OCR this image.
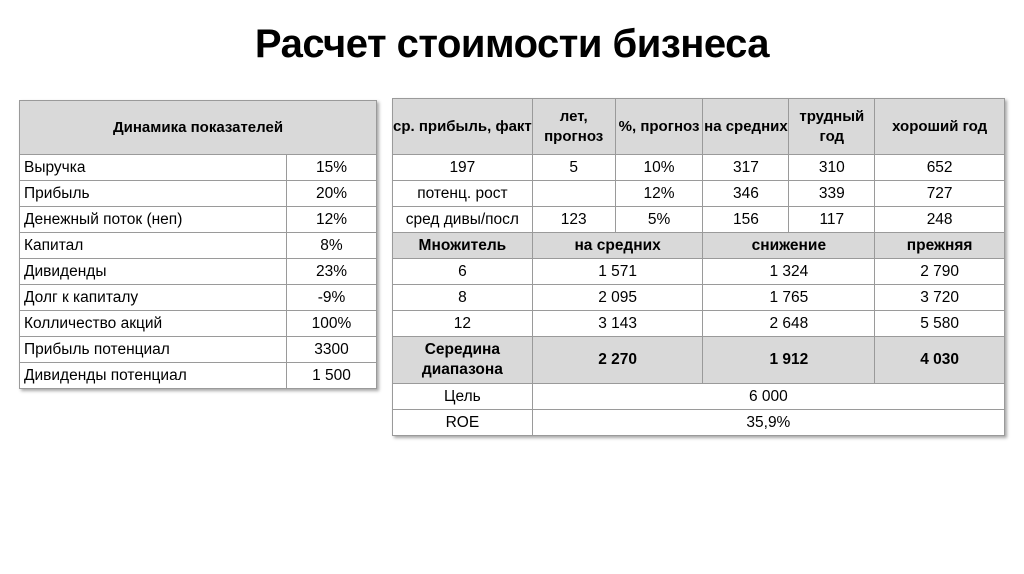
Расчет стоимости бизнеса
Динамика показателей	
Выручка	15%
Прибыль	20%
Денежный поток (неп)	12%
Капитал	8%
Дивиденды	23%
Долг к капиталу	-9%
Колличество акций	100%
Прибыль потенциал	3300
Дивиденды потенциал	1 500
ср. прибыль, факт	лет, прогноз	%, прогноз	на средних	трудный год	хороший год
197	5	10%	317	310	652
потенц. рост		12%	346	339	727
сред дивы/посл	123	5%	156	117	248
Множитель	на средних		снижение		прежняя
6	1 571		1 324		2 790
8	2 095		1 765		3 720
12	3 143		2 648		5 580
Середина диапазона	2 270		1 912		4 030
Цель	6 000				
ROE	35,9%				
